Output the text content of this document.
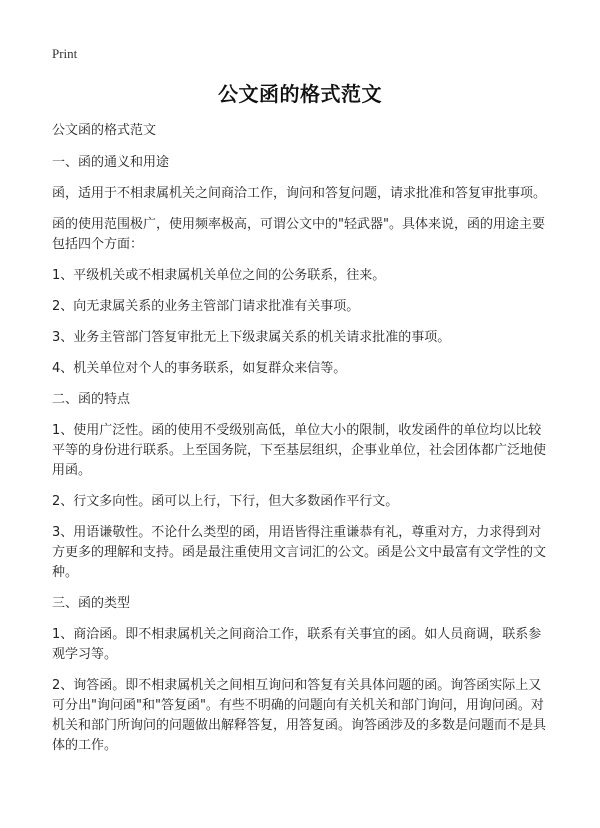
Print
公文函的格式范文

公文函的格式范文

一、函的通义和用途

函，适用于不相隶属机关之间商洽工作，询问和答复问题，请求批准和答复审批事项。

函的使用范围极广，使用频率极高，可谓公文中的"轻武器"。具体来说，函的用途主要包括四个方面：

1、平级机关或不相隶属机关单位之间的公务联系，往来。

2、向无隶属关系的业务主管部门请求批准有关事项。

3、业务主管部门答复审批无上下级隶属关系的机关请求批准的事项。

4、机关单位对个人的事务联系，如复群众来信等。

二、函的特点

1、使用广泛性。函的使用不受级别高低，单位大小的限制，收发函件的单位均以比较平等的身份进行联系。上至国务院，下至基层组织，企事业单位，社会团体都广泛地使用函。

2、行文多向性。函可以上行，下行，但大多数函作平行文。

3、用语谦敬性。不论什么类型的函，用语皆得注重谦恭有礼，尊重对方，力求得到对方更多的理解和支持。函是最注重使用文言词汇的公文。函是公文中最富有文学性的文种。

三、函的类型

1、商洽函。即不相隶属机关之间商洽工作，联系有关事宜的函。如人员商调，联系参观学习等。

2、询答函。即不相隶属机关之间相互询问和答复有关具体问题的函。询答函实际上又可分出"询问函"和"答复函"。有些不明确的问题向有关机关和部门询问，用询问函。对机关和部门所询问的问题做出解释答复，用答复函。询答函涉及的多数是问题而不是具体的工作。
